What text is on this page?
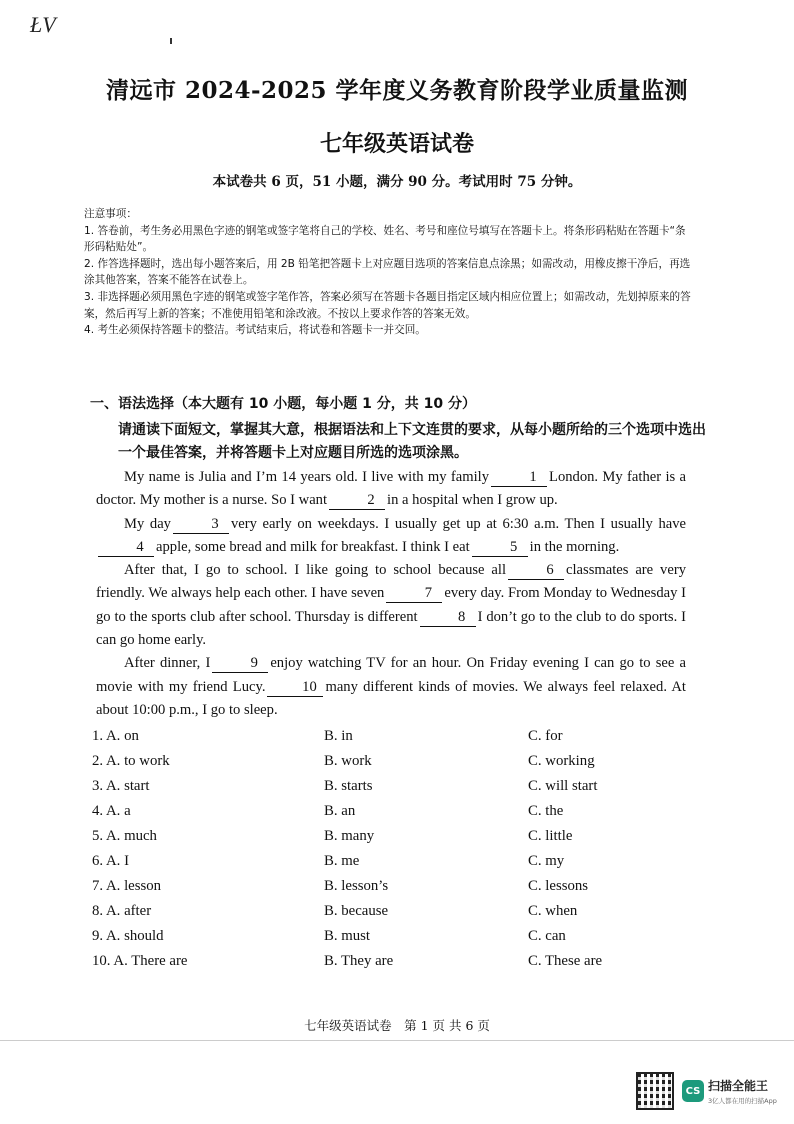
ŁV
清远市 2024-2025 学年度义务教育阶段学业质量监测
七年级英语试卷
本试卷共 6 页，51 小题，满分 90 分。考试用时 75 分钟。

注意事项：

1. 答卷前，考生务必用黑色字迹的钢笔或签字笔将自己的学校、姓名、考号和座位号填写在答题卡上。将条形码粘贴在答题卡“条形码粘贴处”。

2. 作答选择题时，选出每小题答案后，用 2B 铅笔把答题卡上对应题目选项的答案信息点涂黑；如需改动，用橡皮擦干净后，再选涂其他答案，答案不能答在试卷上。

3. 非选择题必须用黑色字迹的钢笔或签字笔作答，答案必须写在答题卡各题目指定区域内相应位置上；如需改动，先划掉原来的答案，然后再写上新的答案；不准使用铅笔和涂改液。不按以上要求作答的答案无效。

4. 考生必须保持答题卡的整洁。考试结束后，将试卷和答题卡一并交回。

一、语法选择（本大题有 10 小题，每小题 1 分，共 10 分）
请通读下面短文，掌握其大意，根据语法和上下文连贯的要求，从每小题所给的三个选项中选出一个最佳答案，并将答题卡上对应题目所选的选项涂黑。

My name is Julia and I’m 14 years old. I live with my family	1 London. My father is a doctor. My mother is a nurse. So I want	2 in a hospital when I grow up.

My day	3 very early on weekdays. I usually get up at 6:30 a.m. Then I usually have4 apple, some bread and milk for breakfast. I think I eat	5 in the morning.

After that, I go to school. I like going to school because all	6 classmates are very friendly. We always help each other. I have seven	7 every day. From Monday to Wednesday I go to the sports club after school. Thursday is different	8 I don’t go to the club to do sports. I can go home early.

After dinner, I	9 enjoy watching TV for an hour. On Friday evening I can go to see a movie with my friend Lucy.	10 many different kinds of movies. We always feel relaxed. At about 10:00 p.m., I go to sleep.

1. A. on	B. in	C. for
2. A. to work	B. work	C. working
3. A. start	B. starts	C. will start
4. A. a	B. an	C. the
5. A. much	B. many	C. little
6. A. I	B. me	C. my
7. A. lesson	B. lesson’s	C. lessons
8. A. after	B. because	C. when
9. A. should	B. must	C. can
10. A. There are	B. They are	C. These are
七年级英语试卷　第 1 页 共 6 页
CS 扫描全能王
3亿人都在用的扫描App
